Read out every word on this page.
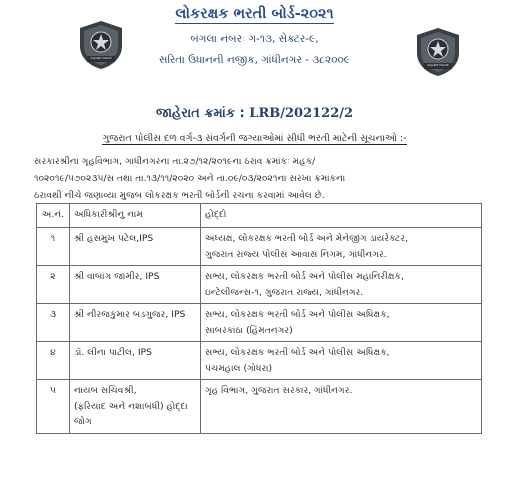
GUJARAT POLICE
GUJARAT POLICE
લોકરક્ષક ભરતી બોર્ડ-૨૦૨૧
બંગલા નંબરઃ ગ-૧૩, સેક્ટર-૯,
સરિતા ઉધાનની નજીક, ગાંધીનગર - ૩૮૨૦૦૯
જાહેરાત ક્રમાંક : LRB/202122/2
ગુજરાત પોલીસ દળ વર્ગ-૩ સંવર્ગની જગ્યાઓમાં સીધી ભરતી માટેની સૂચનાઓ :-

સરકારશ્રીના ગૃહવિભાગ, ગાંધીનગરના તા.૨૭/૧૨/૨૦૧૯ના ઠરાવ ક્રમાંકઃ મહક/

૧૦૨૦૧૯/૫૭૦૨૩૫/સ તથા તા.૧૩/૧૧/૨૦૨૦ અને તા.૦૯/૦૩/૨૦૨૧ના સરખા ક્રમાંકના

ઠરાવથી નીચે જણાવ્યા મુજબ લોકરક્ષક ભરતી બોર્ડની રચના કરવામાં આવેલ છે.

અ.નં.	અધિકારીશ્રીનુ નામ	હોદ્દો
૧	શ્રી હસમુખ પટેલ,IPS	અધ્યક્ષ, લોકરક્ષક ભરતી બોર્ડ અને મેનેજીંગ ડાયરેક્ટર,
ગુજરાત રાજ્ય પોલીસ આવાસ નિગમ, ગાંધીનગર.

૨	શ્રી વાબાંગ જામીર, IPS	સભ્ય, લોકરક્ષક ભરતી બોર્ડ અને પોલીસ મહાનિરીક્ષક,
ઇન્ટેલીજન્સ-૧, ગુજરાત રાજ્ય, ગાંધીનગર.

૩	શ્રી નીરજકુમાર બડગુજર, IPS	સભ્ય, લોકરક્ષક ભરતી બોર્ડ અને પોલીસ અધિક્ષક,
સાબરકાંઠા (હિંમતનગર)

૪	ડૉ. લીના પાટીલ, IPS	સભ્ય, લોકરક્ષક ભરતી બોર્ડ અને પોલીસ અધિક્ષક,
પંચમહાલ (ગોધરા)

૫	નાયબ સચિવશ્રી,
(ફરિયાદ અને નશાબંધી) હોદ્દા
જોગ	ગૃહ વિભાગ, ગુજરાત સરકાર, ગાંધીનગર.
